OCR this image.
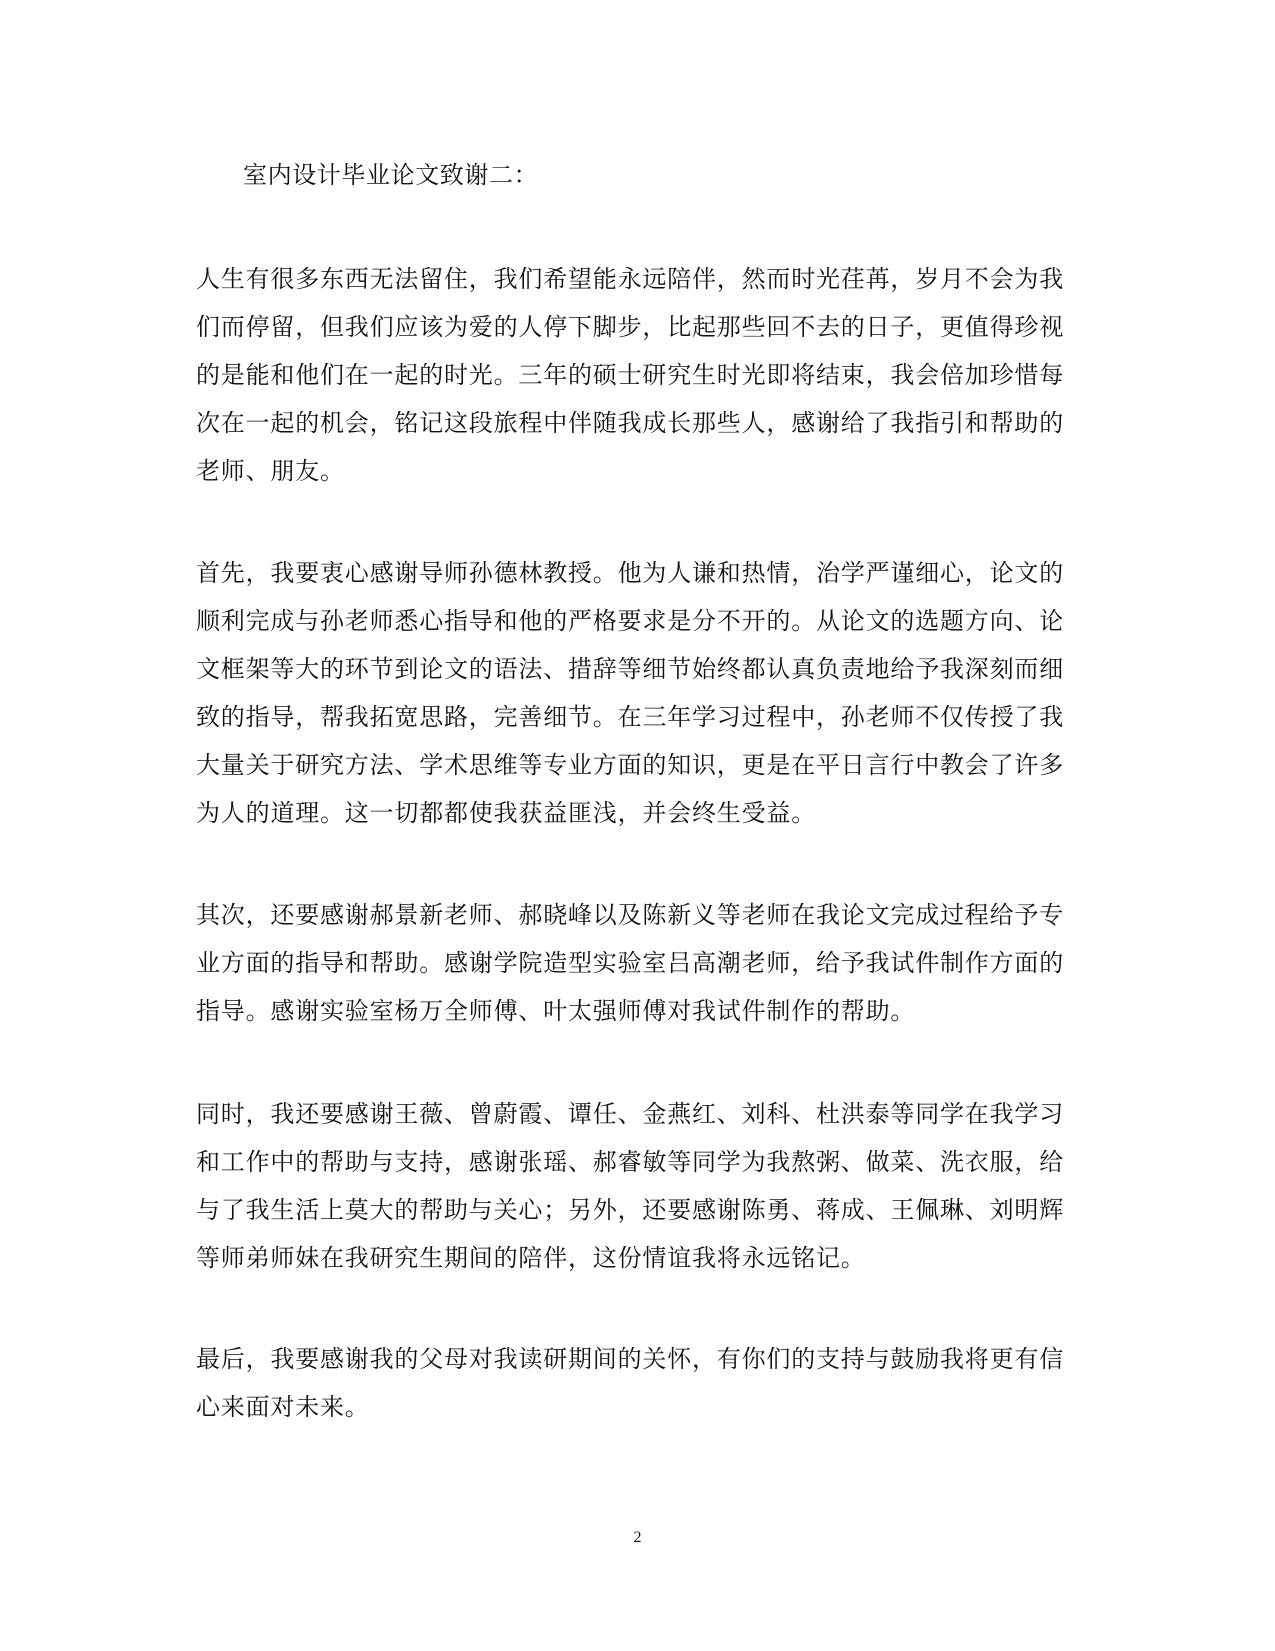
室内设计毕业论文致谢二：
人生有很多东西无法留住，我们希望能永远陪伴，然而时光荏苒，岁月不会为我
们而停留，但我们应该为爱的人停下脚步，比起那些回不去的日子，更值得珍视
的是能和他们在一起的时光。三年的硕士研究生时光即将结束，我会倍加珍惜每
次在一起的机会，铭记这段旅程中伴随我成长那些人，感谢给了我指引和帮助的
老师、朋友。
首先，我要衷心感谢导师孙德林教授。他为人谦和热情，治学严谨细心，论文的
顺利完成与孙老师悉心指导和他的严格要求是分不开的。从论文的选题方向、论
文框架等大的环节到论文的语法、措辞等细节始终都认真负责地给予我深刻而细
致的指导，帮我拓宽思路，完善细节。在三年学习过程中，孙老师不仅传授了我
大量关于研究方法、学术思维等专业方面的知识，更是在平日言行中教会了许多
为人的道理。这一切都都使我获益匪浅，并会终生受益。
其次，还要感谢郝景新老师、郝晓峰以及陈新义等老师在我论文完成过程给予专
业方面的指导和帮助。感谢学院造型实验室吕高潮老师，给予我试件制作方面的
指导。感谢实验室杨万全师傅、叶太强师傅对我试件制作的帮助。
同时，我还要感谢王薇、曾蔚霞、谭任、金燕红、刘科、杜洪泰等同学在我学习
和工作中的帮助与支持，感谢张瑶、郝睿敏等同学为我熬粥、做菜、洗衣服，给
与了我生活上莫大的帮助与关心；另外，还要感谢陈勇、蒋成、王佩琳、刘明辉
等师弟师妹在我研究生期间的陪伴，这份情谊我将永远铭记。
最后，我要感谢我的父母对我读研期间的关怀，有你们的支持与鼓励我将更有信
心来面对未来。
2
